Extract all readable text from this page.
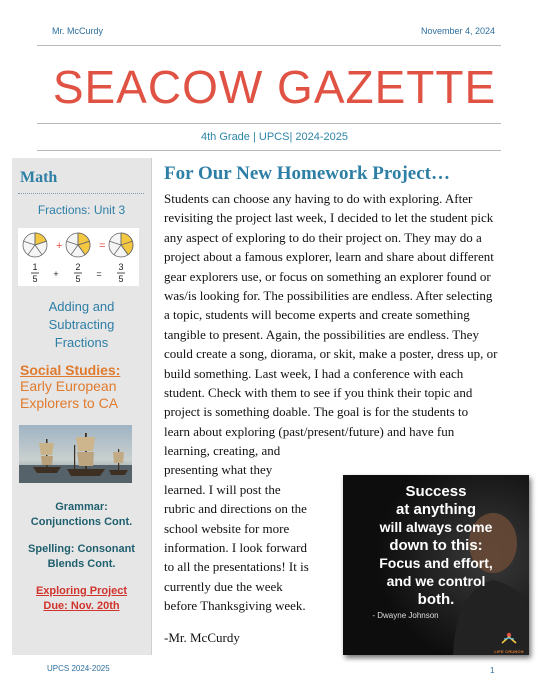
Mr. McCurdy	November 4, 2024
SEACOW GAZETTE
4th Grade | UPCS| 2024-2025
Math
Fractions: Unit 3
+	=
1
5 +
2
5 =
3
5
Adding and
Subtracting
Fractions
Social Studies:
Early European
Explorers to CA
Grammar:
Conjunctions Cont.
Spelling: Consonant
Blends Cont.
Exploring Project
Due: Nov. 20th
For Our New Homework Project…
Students can choose any having to do with exploring. After
revisiting the project last week, I decided to let the student pick
any aspect of exploring to do their project on. They may do a
project about a famous explorer, learn and share about different
gear explorers use, or focus on something an explorer found or
was/is looking for. The possibilities are endless. After selecting
a topic, students will become experts and create something
tangible to present. Again, the possibilities are endless. They
could create a song, diorama, or skit, make a poster, dress up, or
build something. Last week, I had a conference with each
student. Check with them to see if you think their topic and
project is something doable. The goal is for the students to
learn about exploring (past/present/future) and have fun
learning, creating, and
presenting what they
learned. I will post the
rubric and directions on the
school website for more
information. I look forward
to all the presentations! It is
currently due the week
before Thanksgiving week.
-Mr. McCurdy
Success
at anything
will always come
down to this:
Focus and effort,
and we control
both.
- Dwayne Johnson
LIFE CRUNCH
UPCS 2024-2025	1
